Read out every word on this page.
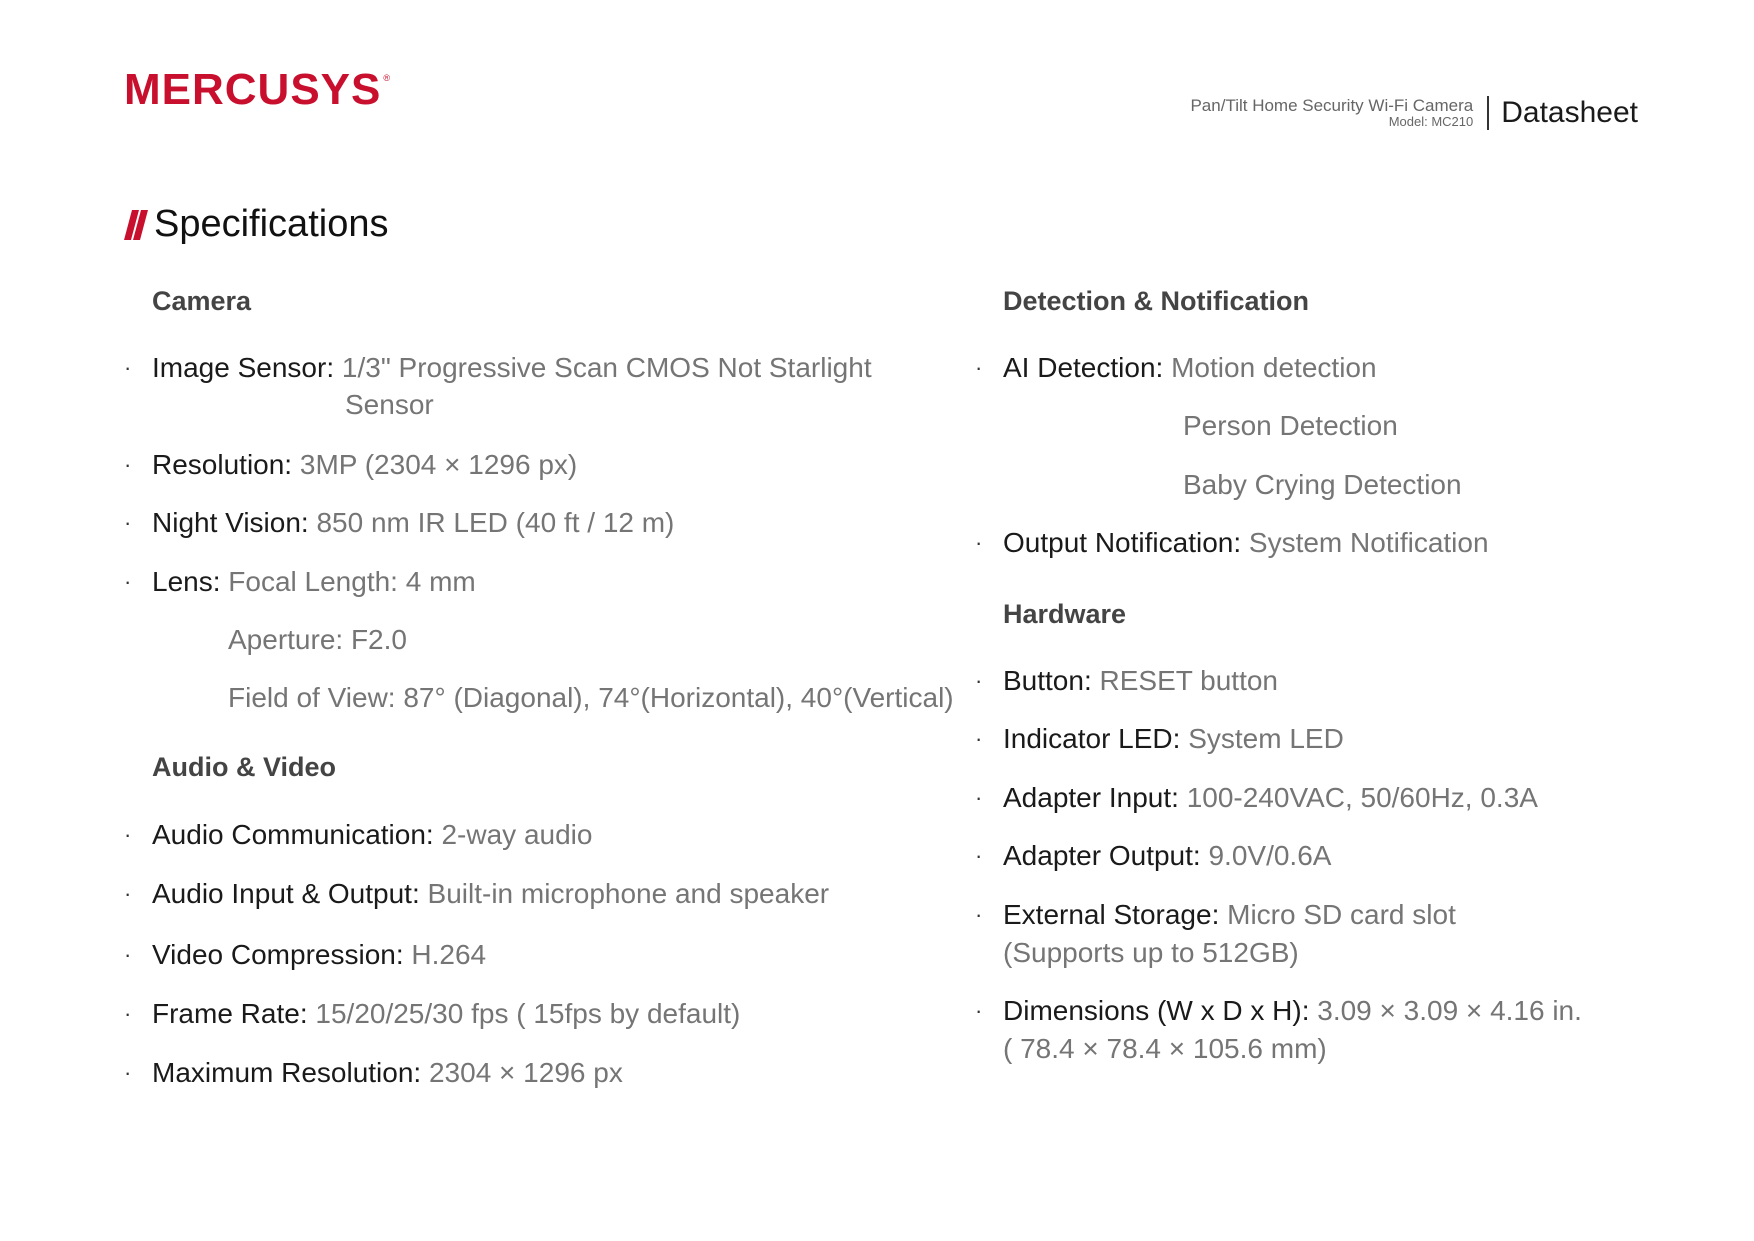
MERCUSYS ®
Pan/Tilt Home Security Wi-Fi Camera
Model: MC210 Datasheet
Specifications
Camera
· Image Sensor: 1/3" Progressive Scan CMOS Not Starlight
Sensor
· Resolution: 3MP (2304 × 1296 px)
· Night Vision: 850 nm IR LED (40 ft / 12 m)
· Lens: Focal Length: 4 mm
Aperture: F2.0
Field of View: 87° (Diagonal), 74°(Horizontal), 40°(Vertical)
Audio & Video
· Audio Communication: 2-way audio
· Audio Input & Output: Built-in microphone and speaker
· Video Compression: H.264
· Frame Rate: 15/20/25/30 fps ( 15fps by default)
· Maximum Resolution: 2304 × 1296 px
Detection & Notification
· AI Detection: Motion detection
Person Detection
Baby Crying Detection
· Output Notification: System Notification
Hardware
· Button: RESET button
· Indicator LED: System LED
· Adapter Input: 100-240VAC, 50/60Hz, 0.3A
· Adapter Output: 9.0V/0.6A
· External Storage: Micro SD card slot
(Supports up to 512GB)
· Dimensions (W x D x H): 3.09 × 3.09 × 4.16 in.
( 78.4 × 78.4 × 105.6 mm)
